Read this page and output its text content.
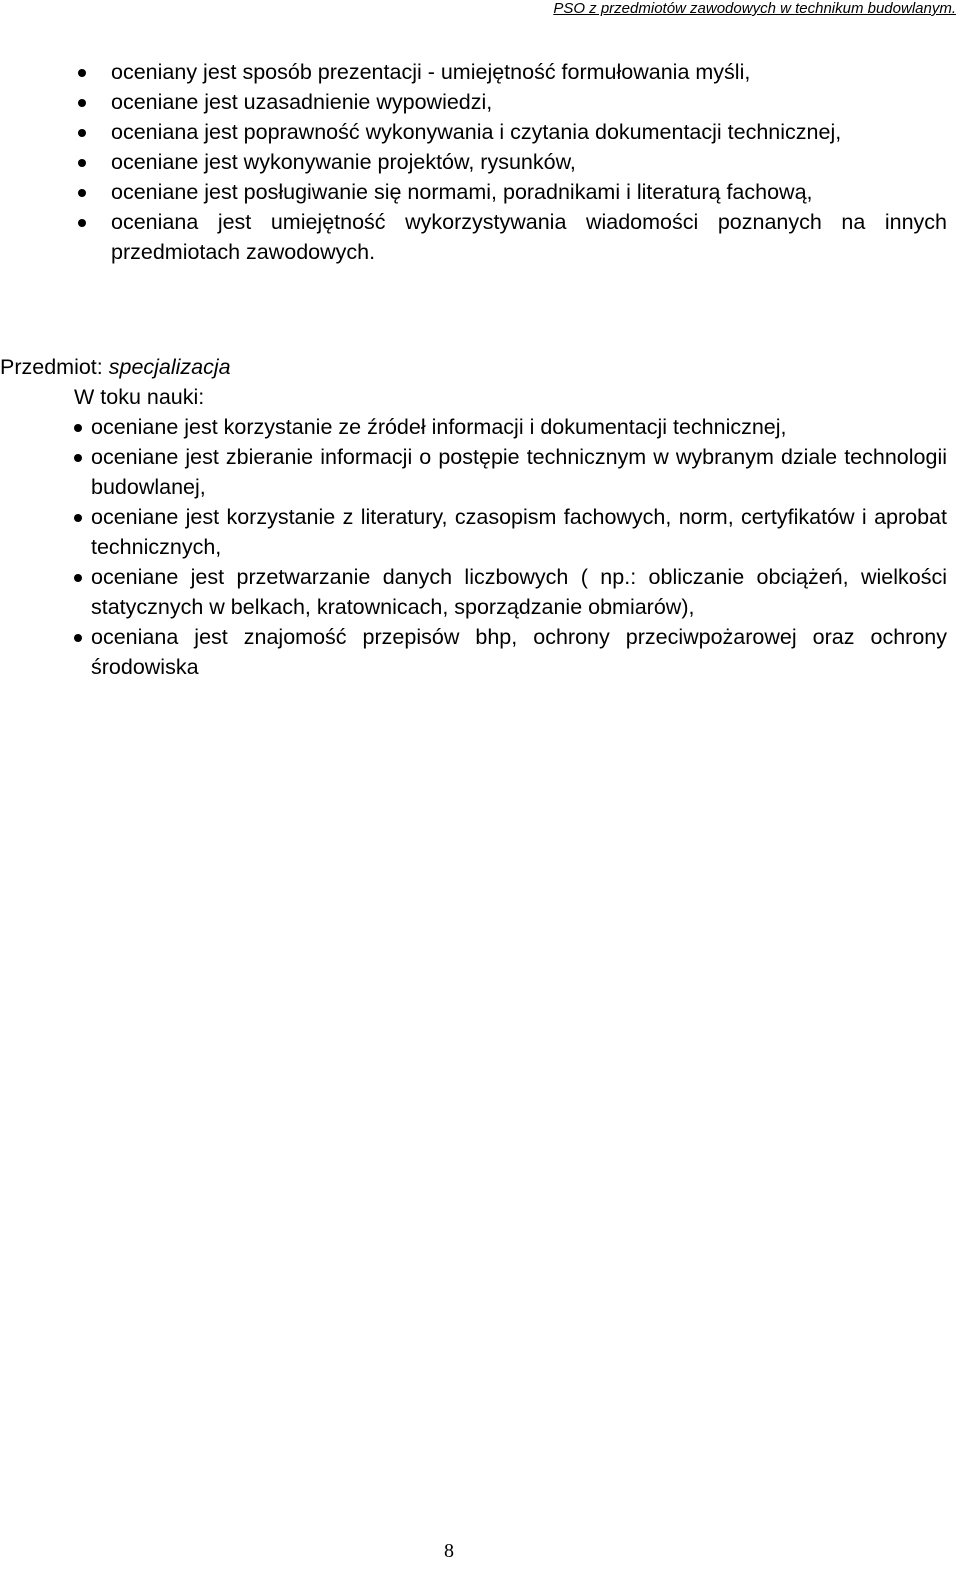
PSO z przedmiotów zawodowych w technikum budowlanym.
oceniany jest sposób prezentacji - umiejętność formułowania myśli,
oceniane jest uzasadnienie wypowiedzi,
oceniana jest poprawność wykonywania i czytania dokumentacji technicznej,
oceniane jest wykonywanie projektów, rysunków,
oceniane jest posługiwanie się normami, poradnikami i literaturą fachową,
oceniana jest umiejętność wykorzystywania wiadomości poznanych na innych przedmiotach zawodowych.
Przedmiot: specjalizacja
W toku nauki:
oceniane jest korzystanie ze źródeł informacji i dokumentacji technicznej,
oceniane jest zbieranie informacji o postępie technicznym w wybranym dziale technologii budowlanej,
oceniane jest korzystanie z literatury, czasopism fachowych, norm, certyfikatów i aprobat technicznych,
oceniane jest przetwarzanie danych liczbowych ( np.: obliczanie obciążeń, wielkości statycznych w belkach, kratownicach, sporządzanie obmiarów),
oceniana jest znajomość przepisów bhp, ochrony przeciwpożarowej oraz ochrony środowiska
8
